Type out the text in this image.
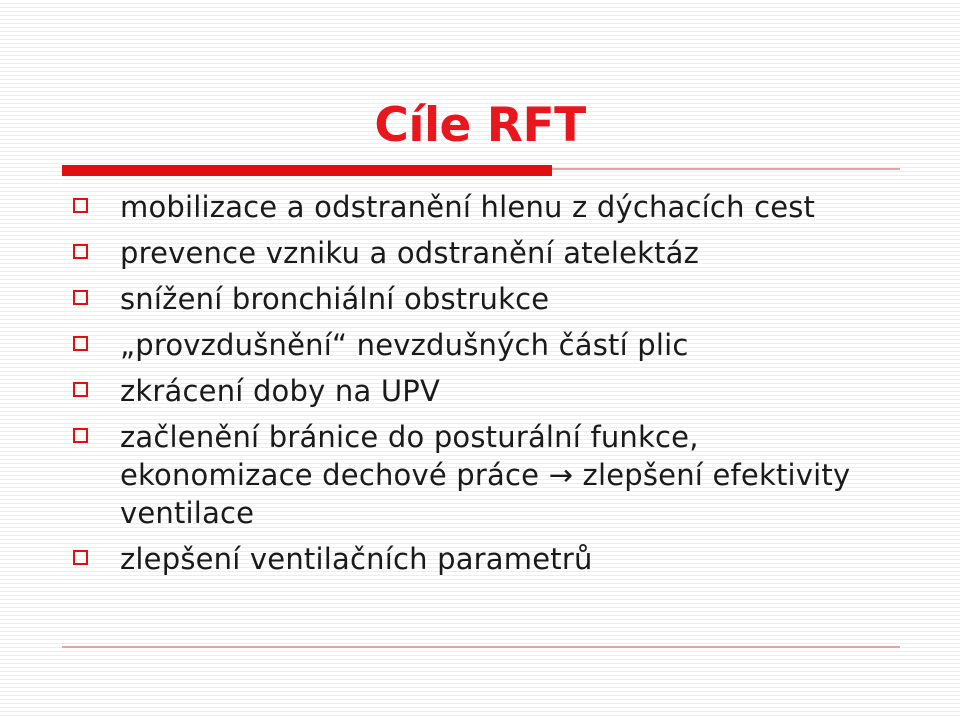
Cíle RFT
mobilizace a odstranění hlenu z dýchacích cest
prevence vzniku a odstranění atelektáz
snížení bronchiální obstrukce
„provzdušnění“ nevzdušných částí plic
zkrácení doby na UPV
začlenění bránice do posturální funkce, ekonomizace dechové práce → zlepšení efektivity ventilace
zlepšení ventilačních parametrů
